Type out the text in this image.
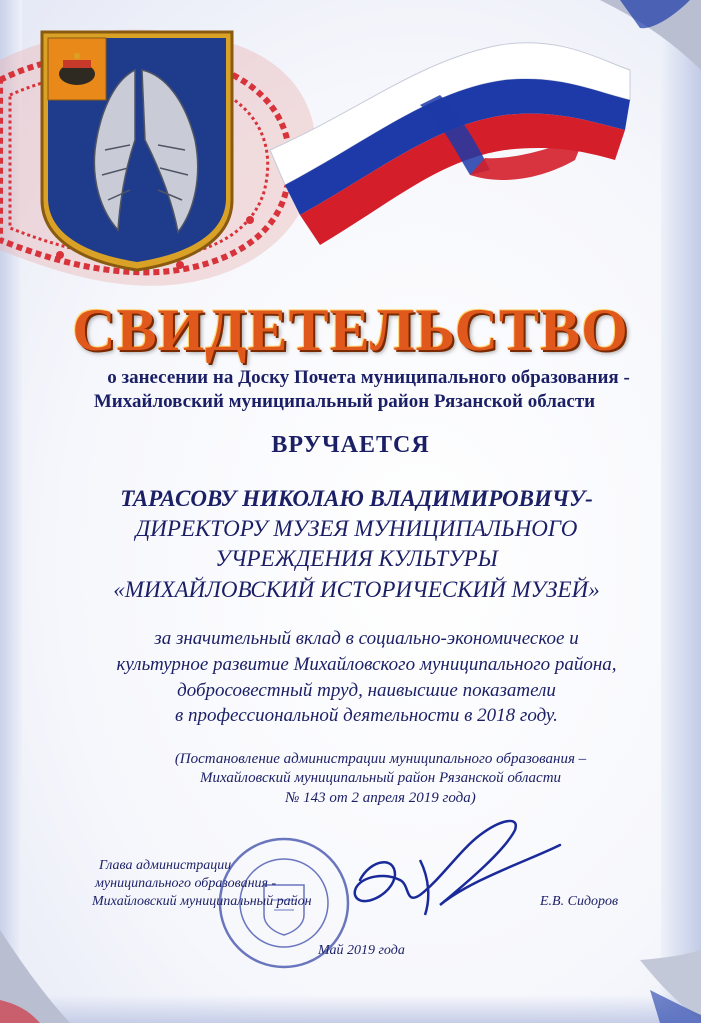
СВИДЕТЕЛЬСТВО
о занесении на Доску Почета муниципального образования -
Михайловский муниципальный район Рязанской области
ВРУЧАЕТСЯ
ТАРАСОВУ НИКОЛАЮ ВЛАДИМИРОВИЧУ-
ДИРЕКТОРУ МУЗЕЯ МУНИЦИПАЛЬНОГО
УЧРЕЖДЕНИЯ КУЛЬТУРЫ
«МИХАЙЛОВСКИЙ ИСТОРИЧЕСКИЙ МУЗЕЙ»
за значительный вклад в социально-экономическое и
культурное развитие Михайловского муниципального района,
добросовестный труд, наивысшие показатели
в профессиональной деятельности в 2018 году.
(Постановление администрации муниципального образования –
Михайловский муниципальный район Рязанской области
№ 143 от 2 апреля 2019 года)
Глава администрации
муниципального образования -
Михайловский муниципальный район	Е.В. Сидоров
Май 2019 года
